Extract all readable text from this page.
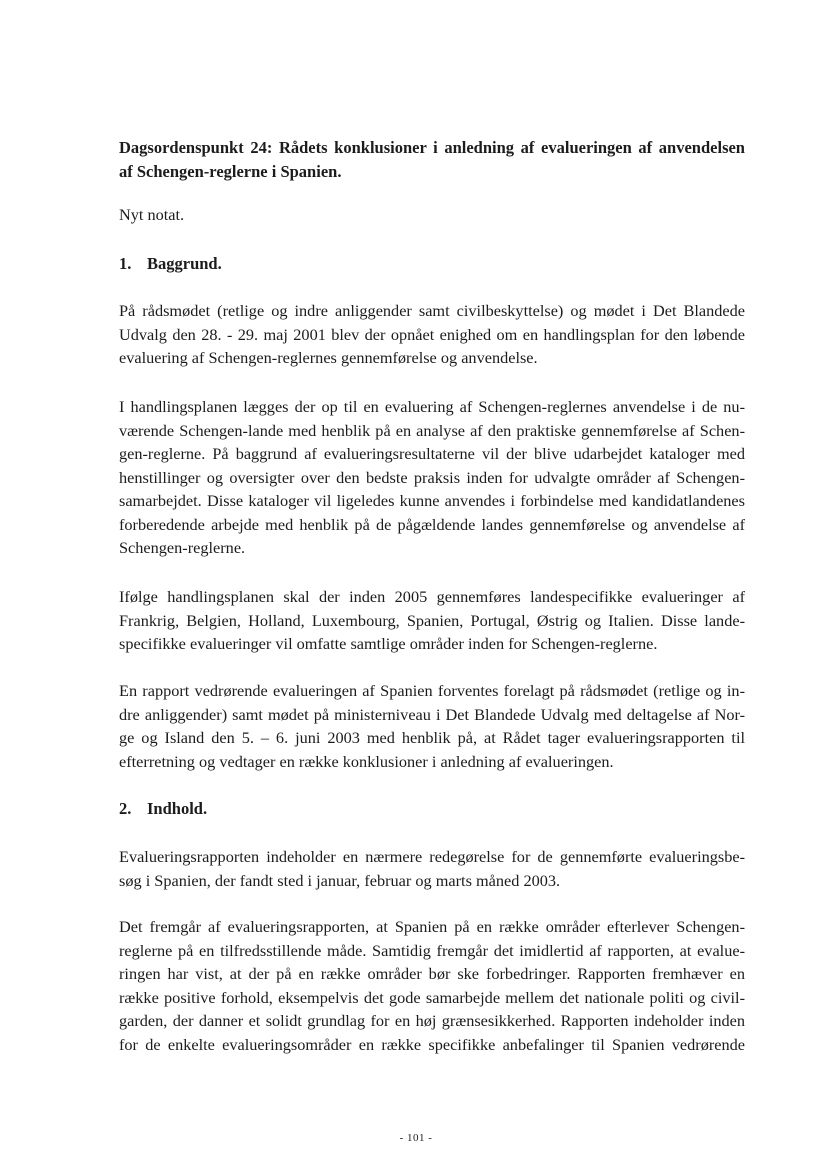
Dagsordenspunkt 24: Rådets konklusioner i anledning af evalueringen af anvendelsen
af Schengen-reglerne i Spanien.
Nyt notat.
1. Baggrund.
På rådsmødet (retlige og indre anliggender samt civilbeskyttelse) og mødet i Det Blandede
Udvalg den 28. - 29. maj 2001 blev der opnået enighed om en handlingsplan for den løbende
evaluering af Schengen-reglernes gennemførelse og anvendelse.
I handlingsplanen lægges der op til en evaluering af Schengen-reglernes anvendelse i de nu-
værende Schengen-lande med henblik på en analyse af den praktiske gennemførelse af Schen-
gen-reglerne. På baggrund af evalueringsresultaterne vil der blive udarbejdet kataloger med
henstillinger og oversigter over den bedste praksis inden for udvalgte områder af Schengen-
samarbejdet. Disse kataloger vil ligeledes kunne anvendes i forbindelse med kandidatlandenes
forberedende arbejde med henblik på de pågældende landes gennemførelse og anvendelse af
Schengen-reglerne.
Ifølge handlingsplanen skal der inden 2005 gennemføres landespecifikke evalueringer af
Frankrig, Belgien, Holland, Luxembourg, Spanien, Portugal, Østrig og Italien. Disse lande-
specifikke evalueringer vil omfatte samtlige områder inden for Schengen-reglerne.
En rapport vedrørende evalueringen af Spanien forventes forelagt på rådsmødet (retlige og in-
dre anliggender) samt mødet på ministerniveau i Det Blandede Udvalg med deltagelse af Nor-
ge og Island den 5. – 6. juni 2003 med henblik på, at Rådet tager evalueringsrapporten til
efterretning og vedtager en række konklusioner i anledning af evalueringen.
2. Indhold.
Evalueringsrapporten indeholder en nærmere redegørelse for de gennemførte evalueringsbe-
søg i Spanien, der fandt sted i januar, februar og marts måned 2003.
Det fremgår af evalueringsrapporten, at Spanien på en række områder efterlever Schengen-
reglerne på en tilfredsstillende måde. Samtidig fremgår det imidlertid af rapporten, at evalue-
ringen har vist, at der på en række områder bør ske forbedringer. Rapporten fremhæver en
række positive forhold, eksempelvis det gode samarbejde mellem det nationale politi og civil-
garden, der danner et solidt grundlag for en høj grænsesikkerhed. Rapporten indeholder inden
for de enkelte evalueringsområder en række specifikke anbefalinger til Spanien vedrørende
- 101 -
